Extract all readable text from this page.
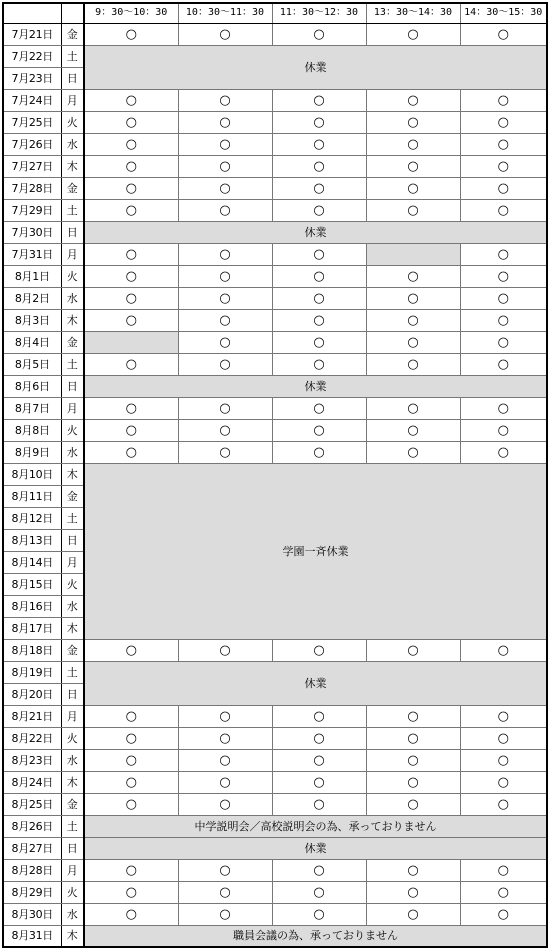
		9：30～10：30	10：30～11：30	11：30～12：30	13：30～14：30	14：30～15：30
7月21日	金	○	○	○	○	○
7月22日	土	休業				
7月23日	日					
7月24日	月	○	○	○	○	○
7月25日	火	○	○	○	○	○
7月26日	水	○	○	○	○	○
7月27日	木	○	○	○	○	○
7月28日	金	○	○	○	○	○
7月29日	土	○	○	○	○	○
7月30日	日	休業				
7月31日	月	○	○	○		○
8月1日	火	○	○	○	○	○
8月2日	水	○	○	○	○	○
8月3日	木	○	○	○	○	○
8月4日	金		○	○	○	○
8月5日	土	○	○	○	○	○
8月6日	日	休業				
8月7日	月	○	○	○	○	○
8月8日	火	○	○	○	○	○
8月9日	水	○	○	○	○	○
8月10日	木	学園一斉休業				
8月11日	金					
8月12日	土					
8月13日	日					
8月14日	月					
8月15日	火					
8月16日	水					
8月17日	木					
8月18日	金	○	○	○	○	○
8月19日	土	休業				
8月20日	日					
8月21日	月	○	○	○	○	○
8月22日	火	○	○	○	○	○
8月23日	水	○	○	○	○	○
8月24日	木	○	○	○	○	○
8月25日	金	○	○	○	○	○
8月26日	土	中学説明会／高校説明会の為、承っておりません				
8月27日	日	休業				
8月28日	月	○	○	○	○	○
8月29日	火	○	○	○	○	○
8月30日	水	○	○	○	○	○
8月31日	木	職員会議の為、承っておりません				
